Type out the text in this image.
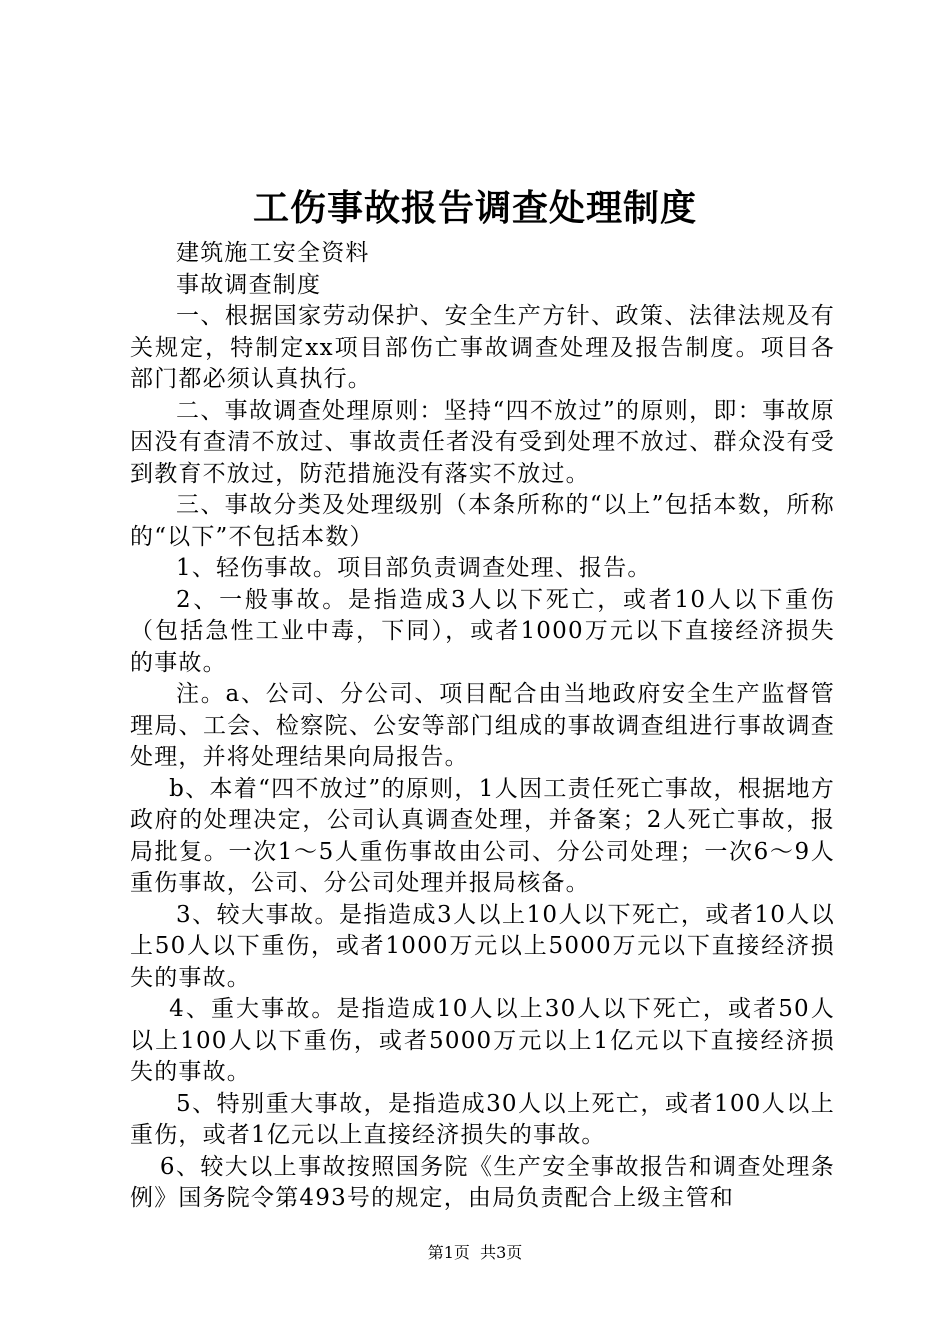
工伤事故报告调查处理制度

建筑施工安全资料

事故调查制度

一、根据国家劳动保护、安全生产方针、政策、法律法规及有关规定，特制定xx项目部伤亡事故调查处理及报告制度。项目各部门都必须认真执行。

二、事故调查处理原则：坚持“四不放过”的原则，即：事故原因没有查清不放过、事故责任者没有受到处理不放过、群众没有受到教育不放过，防范措施没有落实不放过。

三、事故分类及处理级别（本条所称的“以上”包括本数，所称的“以下”不包括本数）

1、轻伤事故。项目部负责调查处理、报告。

2、一般事故。是指造成3人以下死亡，或者10人以下重伤（包括急性工业中毒，下同），或者1000万元以下直接经济损失的事故。

注。a、公司、分公司、项目配合由当地政府安全生产监督管理局、工会、检察院、公安等部门组成的事故调查组进行事故调查处理，并将处理结果向局报告。

b、本着“四不放过”的原则，1人因工责任死亡事故，根据地方政府的处理决定，公司认真调查处理，并备案；2人死亡事故，报局批复。一次1～5人重伤事故由公司、分公司处理；一次6～9人重伤事故，公司、分公司处理并报局核备。

3、较大事故。是指造成3人以上10人以下死亡，或者10人以上50人以下重伤，或者1000万元以上5000万元以下直接经济损失的事故。

4、重大事故。是指造成10人以上30人以下死亡，或者50人以上100人以下重伤，或者5000万元以上1亿元以下直接经济损失的事故。

5、特别重大事故，是指造成30人以上死亡，或者100人以上重伤，或者1亿元以上直接经济损失的事故。

6、较大以上事故按照国务院《生产安全事故报告和调查处理条例》国务院令第493号的规定，由局负责配合上级主管和

第1页 共3页
